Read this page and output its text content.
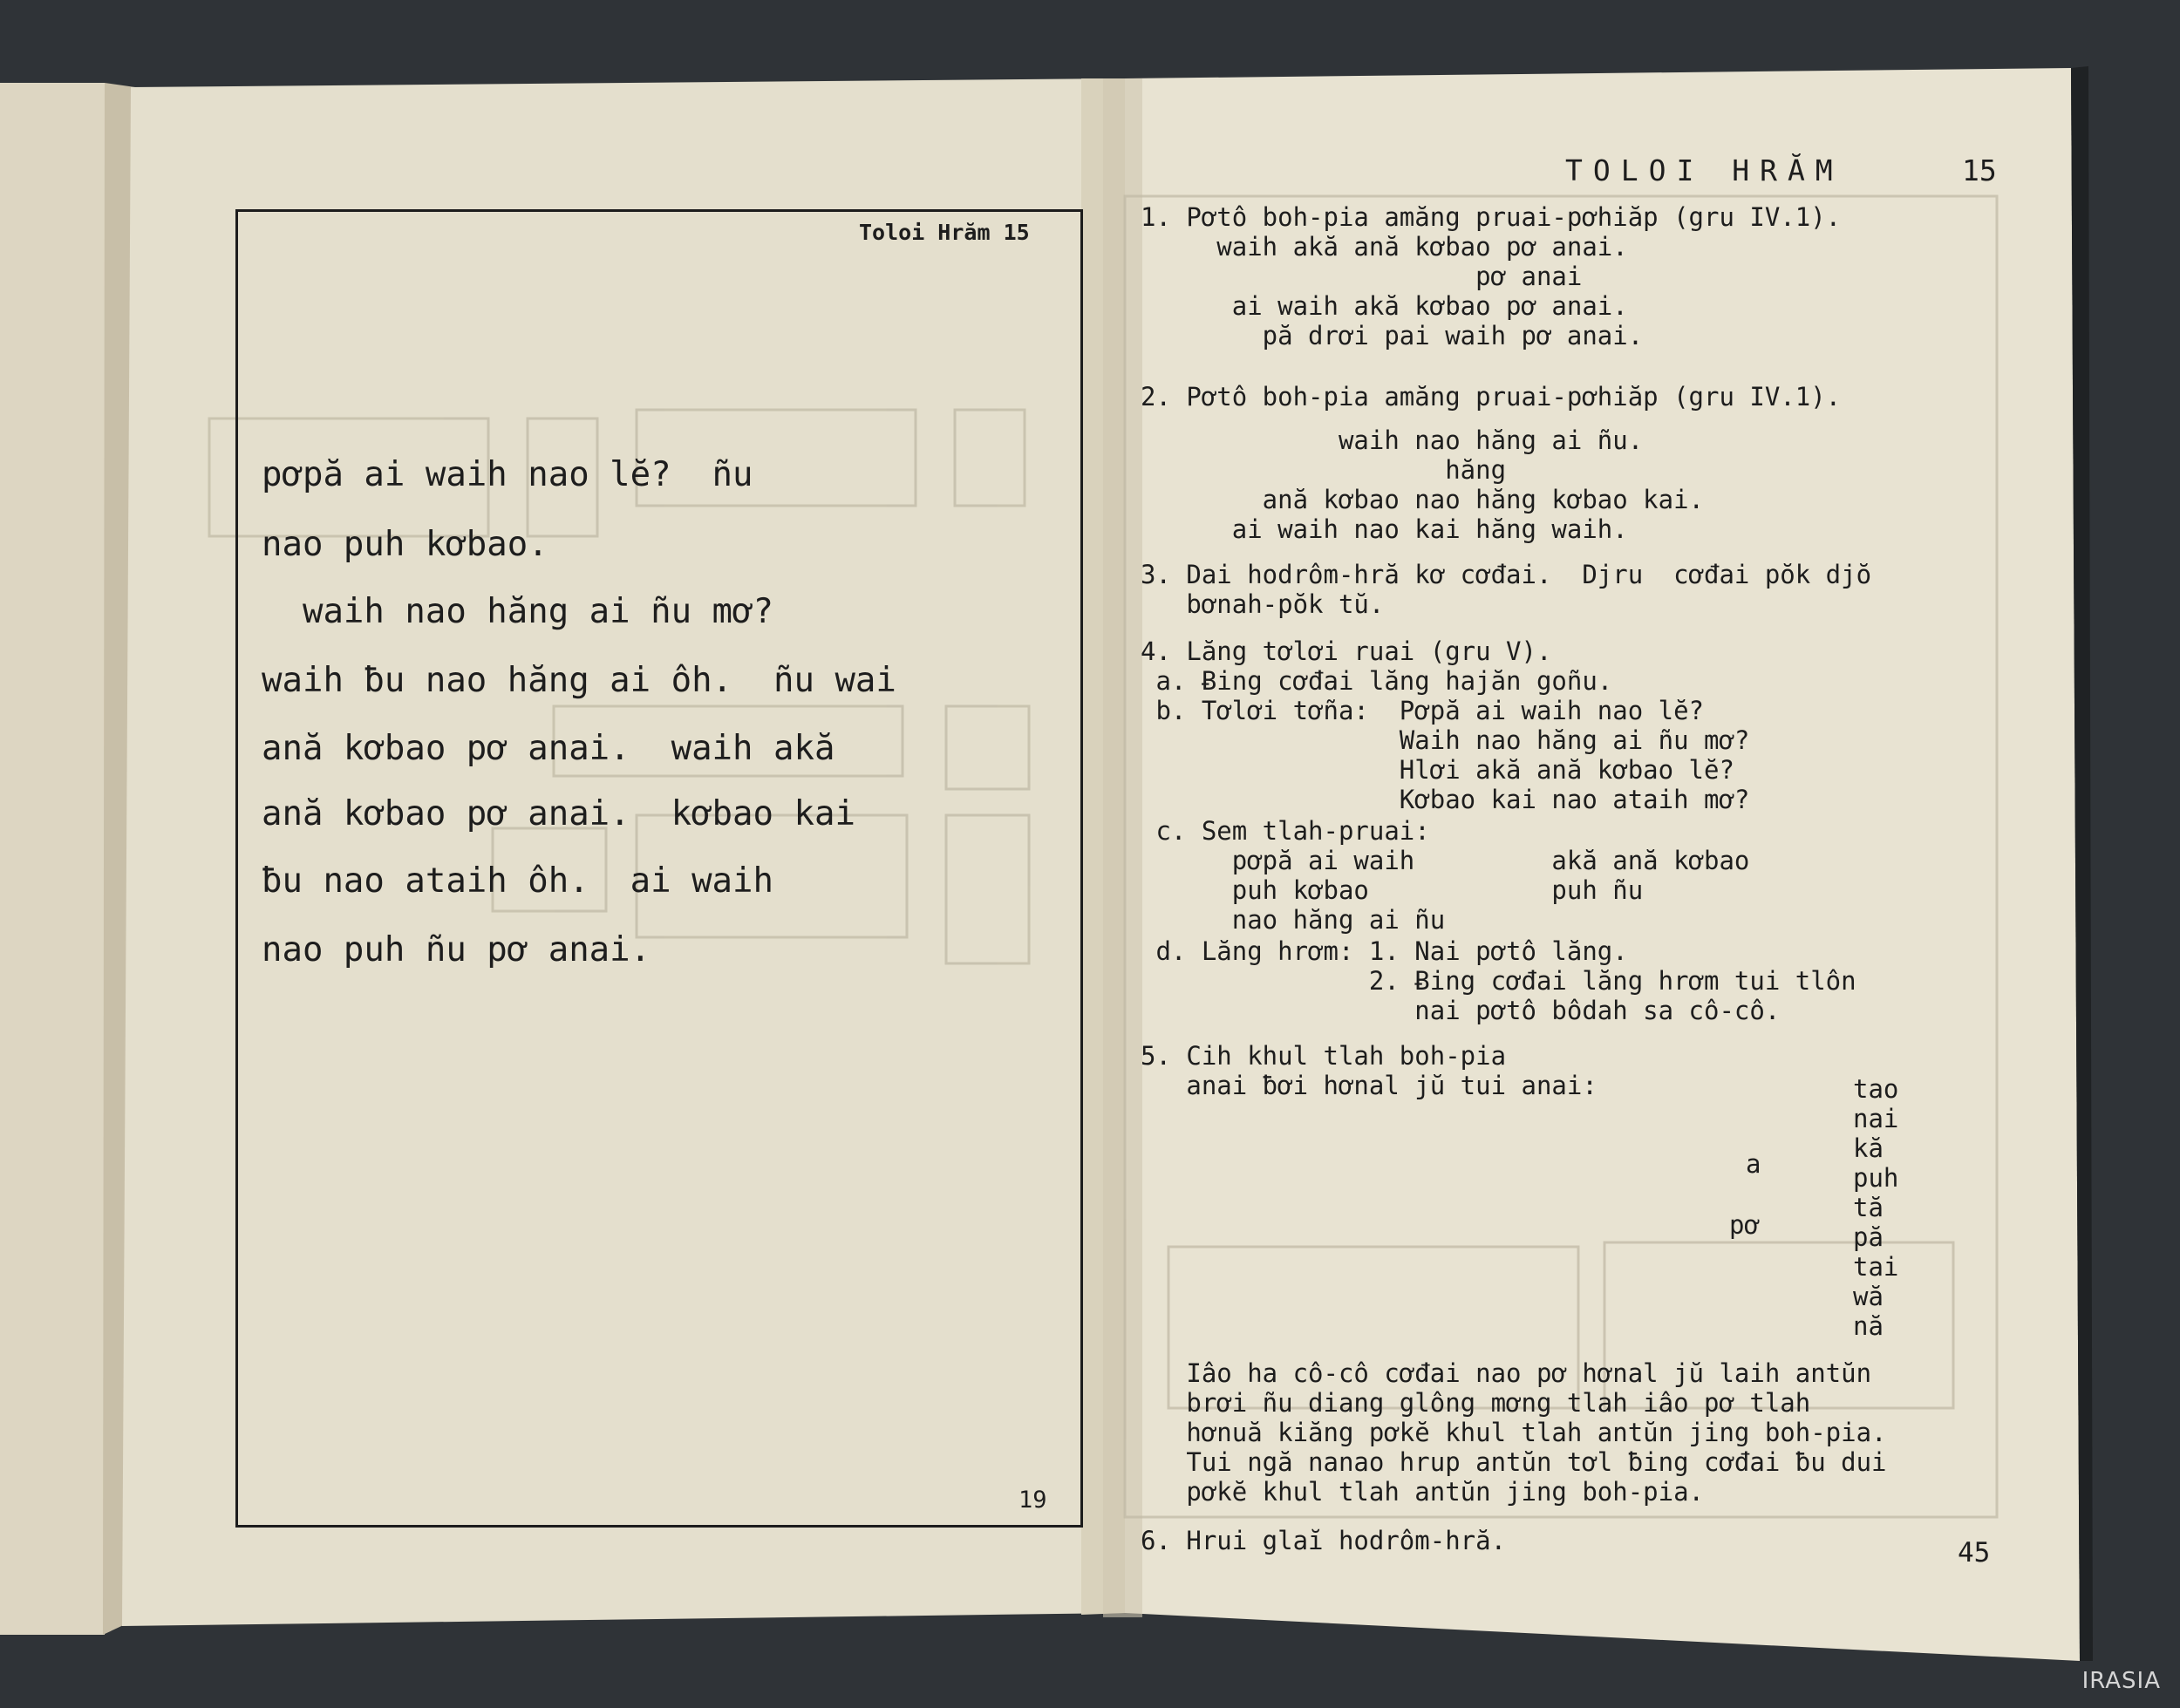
Toloi Hrăm 15
pơpă ai waih nao lĕ?  ñu
nao puh kơbao.
waih nao hăng ai ñu mơ?
waih ƀu nao hăng ai ôh.  ñu wai
ană kơbao pơ anai.  waih akă
ană kơbao pơ anai.  kơbao kai
ƀu nao ataih ôh.  ai waih
nao puh ñu pơ anai.
19
TOLOI HRĂM	15
1. Pơtô boh-pia amăng pruai-pơhiăp (gru IV.1).
waih akă ană kơbao pơ anai.
pơ anai
ai waih akă kơbao pơ anai.
pă drơi pai waih pơ anai.
2. Pơtô boh-pia amăng pruai-pơhiăp (gru IV.1).
waih nao hăng ai ñu.
hăng
ană kơbao nao hăng kơbao kai.
ai waih nao kai hăng waih.
3. Dai hodrôm-hră kơ cơđai.  Djru  cơđai pŏk djŏ
bơnah-pŏk tŭ.
4. Lăng tơlơi ruai (gru V).
a. Ƀing cơđai lăng hajăn goñu.
b. Tơlơi tơña:  Pơpă ai waih nao lĕ?
Waih nao hăng ai ñu mơ?
Hlơi akă ană kơbao lĕ?
Kơbao kai nao ataih mơ?
c. Sem tlah-pruai:
pơpă ai waih         akă ană kơbao
puh kơbao            puh ñu
nao hăng ai ñu
d. Lăng hrơm: 1. Nai pơtô lăng.
2. Ƀing cơđai lăng hrơm tui tlôn
nai pơtô bôdah sa cô-cô.
5. Cih khul tlah boh-pia
anai ƀơi hơnal jŭ tui anai:
Iâo ha cô-cô cơđai nao pơ hơnal jŭ laih antŭn
brơi ñu diang glông mơng tlah iâo pơ tlah
hơnuă kiăng pơkĕ khul tlah antŭn jing boh-pia.
Tui ngă nanao hrup antŭn tơl ƀing cơđai ƀu dui
pơkĕ khul tlah antŭn jing boh-pia.
6. Hrui glaĭ hodrôm-hră.
tao
nai
kă
puh
tă
pă
tai
wă
nă
a
pơ
45
IRASIA
